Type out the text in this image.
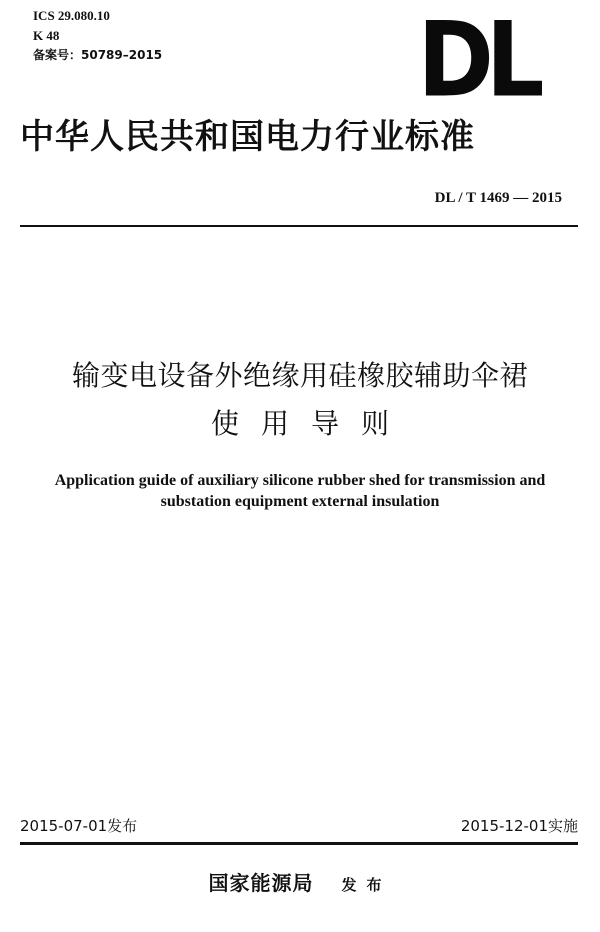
ICS 29.080.10
K 48
备案号：50789–2015	DL
中华人民共和国电力行业标准
DL / T 1469 — 2015
输变电设备外绝缘用硅橡胶辅助伞裙
使用导则
Application guide of auxiliary silicone rubber shed for transmission and
substation equipment external insulation
2015-07-01发布	2015-12-01实施
国家能源局 发布
